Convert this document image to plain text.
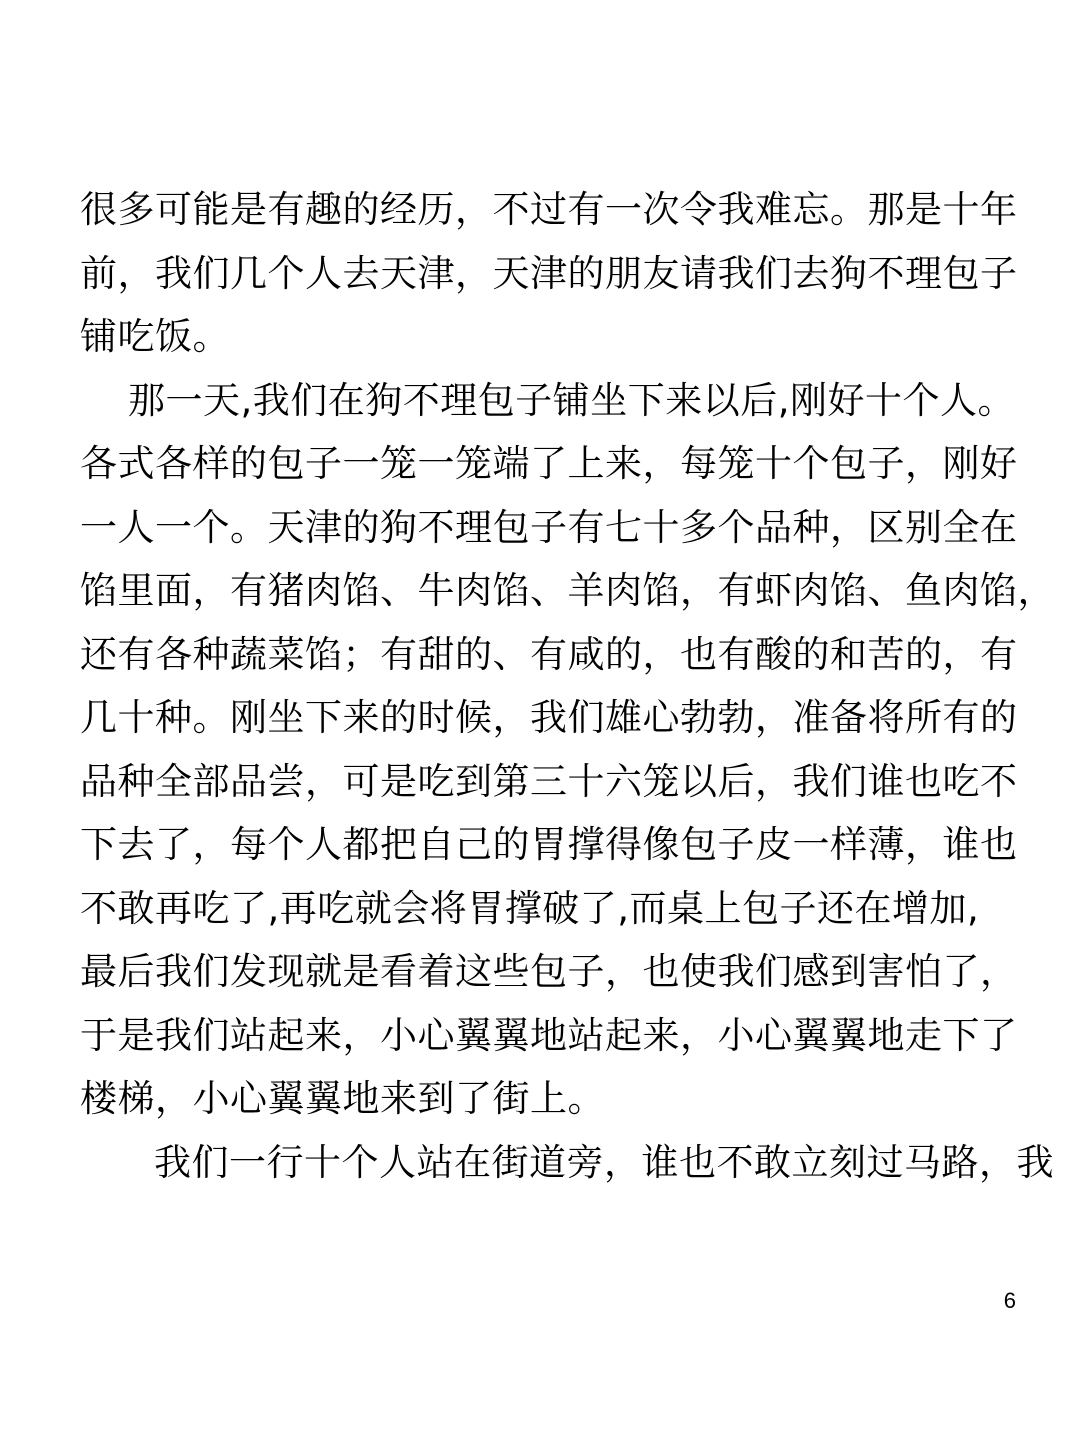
很多可能是有趣的经历，不过有一次令我难忘。那是十年
前，我们几个人去天津，天津的朋友请我们去狗不理包子
铺吃饭。
那一天,我们在狗不理包子铺坐下来以后,刚好十个人。
各式各样的包子一笼一笼端了上来，每笼十个包子，刚好
一人一个。天津的狗不理包子有七十多个品种，区别全在
馅里面，有猪肉馅、牛肉馅、羊肉馅，有虾肉馅、鱼肉馅，
还有各种蔬菜馅；有甜的、有咸的，也有酸的和苦的，有
几十种。刚坐下来的时候，我们雄心勃勃，准备将所有的
品种全部品尝，可是吃到第三十六笼以后，我们谁也吃不
下去了，每个人都把自己的胃撑得像包子皮一样薄，谁也
不敢再吃了,再吃就会将胃撑破了,而桌上包子还在增加,
最后我们发现就是看着这些包子，也使我们感到害怕了，
于是我们站起来，小心翼翼地站起来，小心翼翼地走下了
楼梯，小心翼翼地来到了街上。
我们一行十个人站在街道旁，谁也不敢立刻过马路，我
6
